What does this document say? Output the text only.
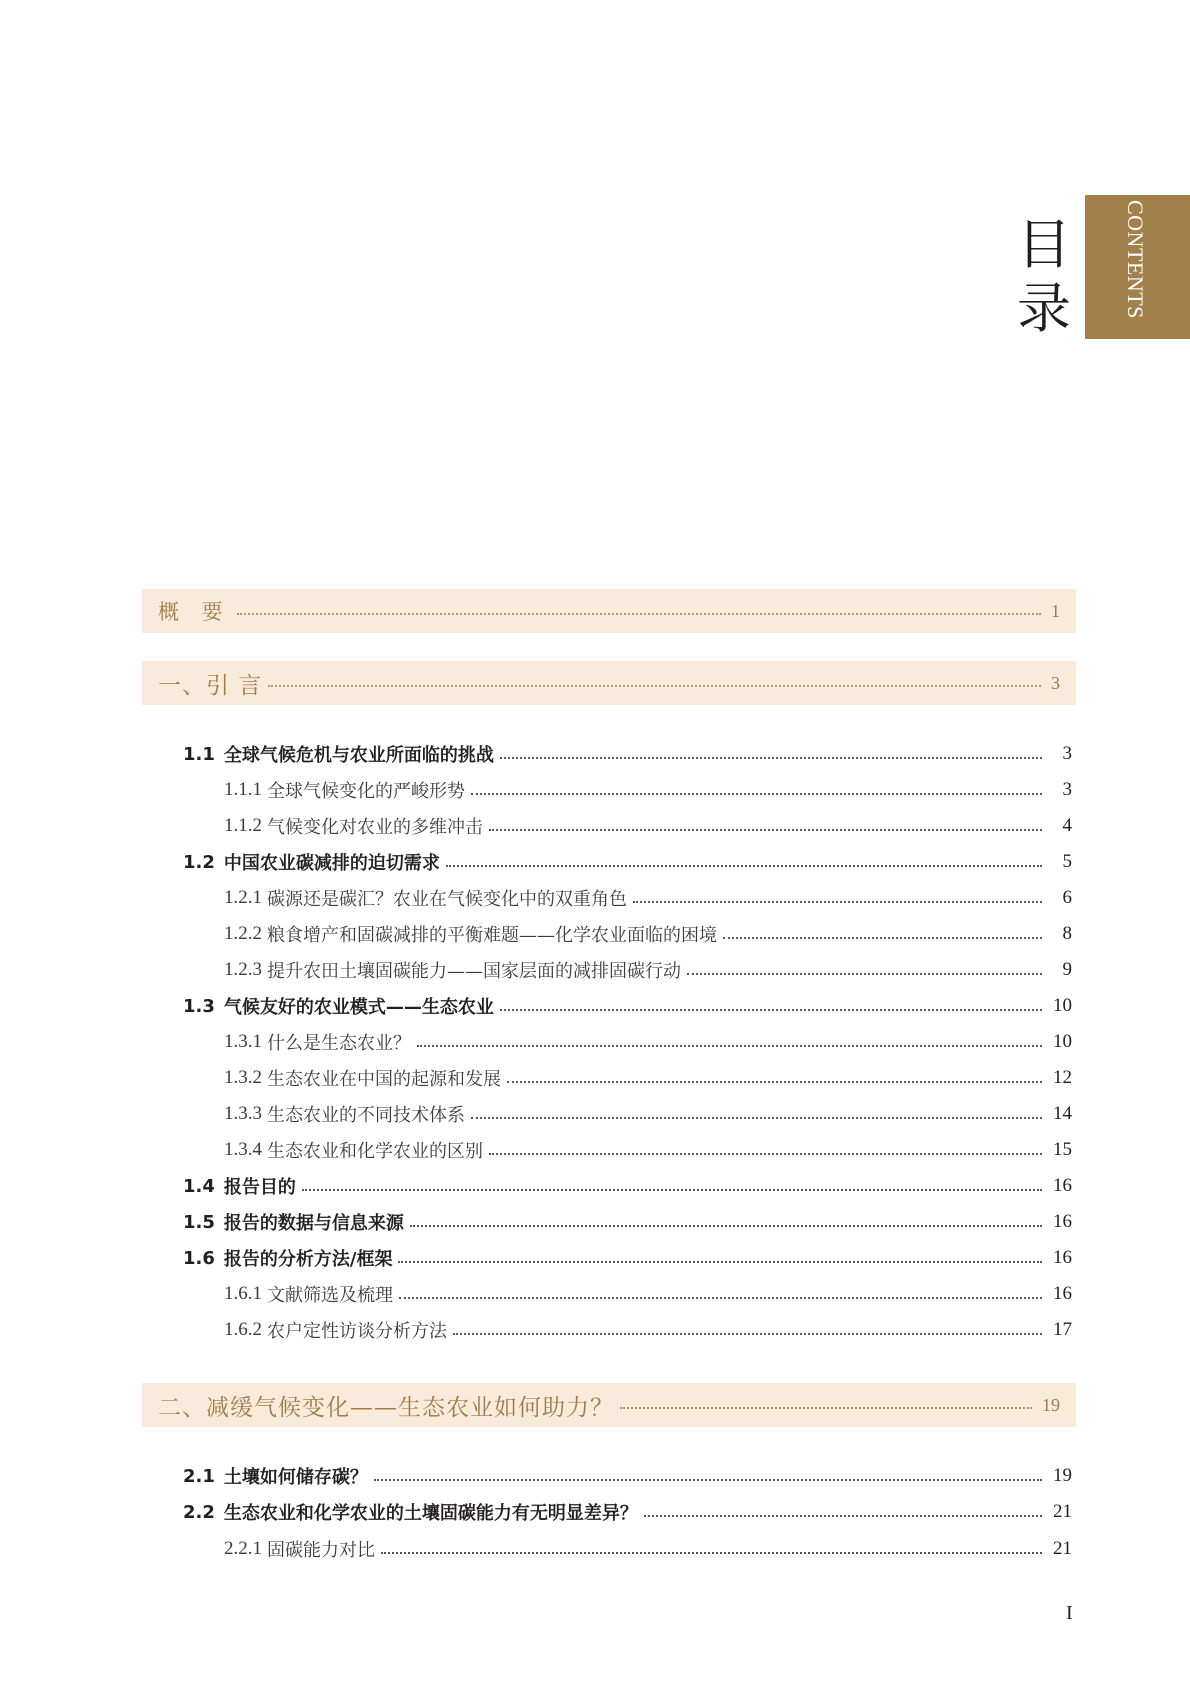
目
录	CONTENTS
概 要	1
一、引 言	3
1.1 全球气候危机与农业所面临的挑战	3
1.1.1 全球气候变化的严峻形势	3
1.1.2 气候变化对农业的多维冲击	4
1.2 中国农业碳减排的迫切需求	5
1.2.1 碳源还是碳汇？农业在气候变化中的双重角色	6
1.2.2 粮食增产和固碳减排的平衡难题——化学农业面临的困境	8
1.2.3 提升农田土壤固碳能力——国家层面的减排固碳行动	9
1.3 气候友好的农业模式——生态农业	10
1.3.1 什么是生态农业？	10
1.3.2 生态农业在中国的起源和发展	12
1.3.3 生态农业的不同技术体系	14
1.3.4 生态农业和化学农业的区别	15
1.4 报告目的	16
1.5 报告的数据与信息来源	16
1.6 报告的分析方法/框架	16
1.6.1 文献筛选及梳理	16
1.6.2 农户定性访谈分析方法	17
二、减缓气候变化——生态农业如何助力？	19
2.1 土壤如何储存碳？	19
2.2 生态农业和化学农业的土壤固碳能力有无明显差异？	21
2.2.1 固碳能力对比	21
I
